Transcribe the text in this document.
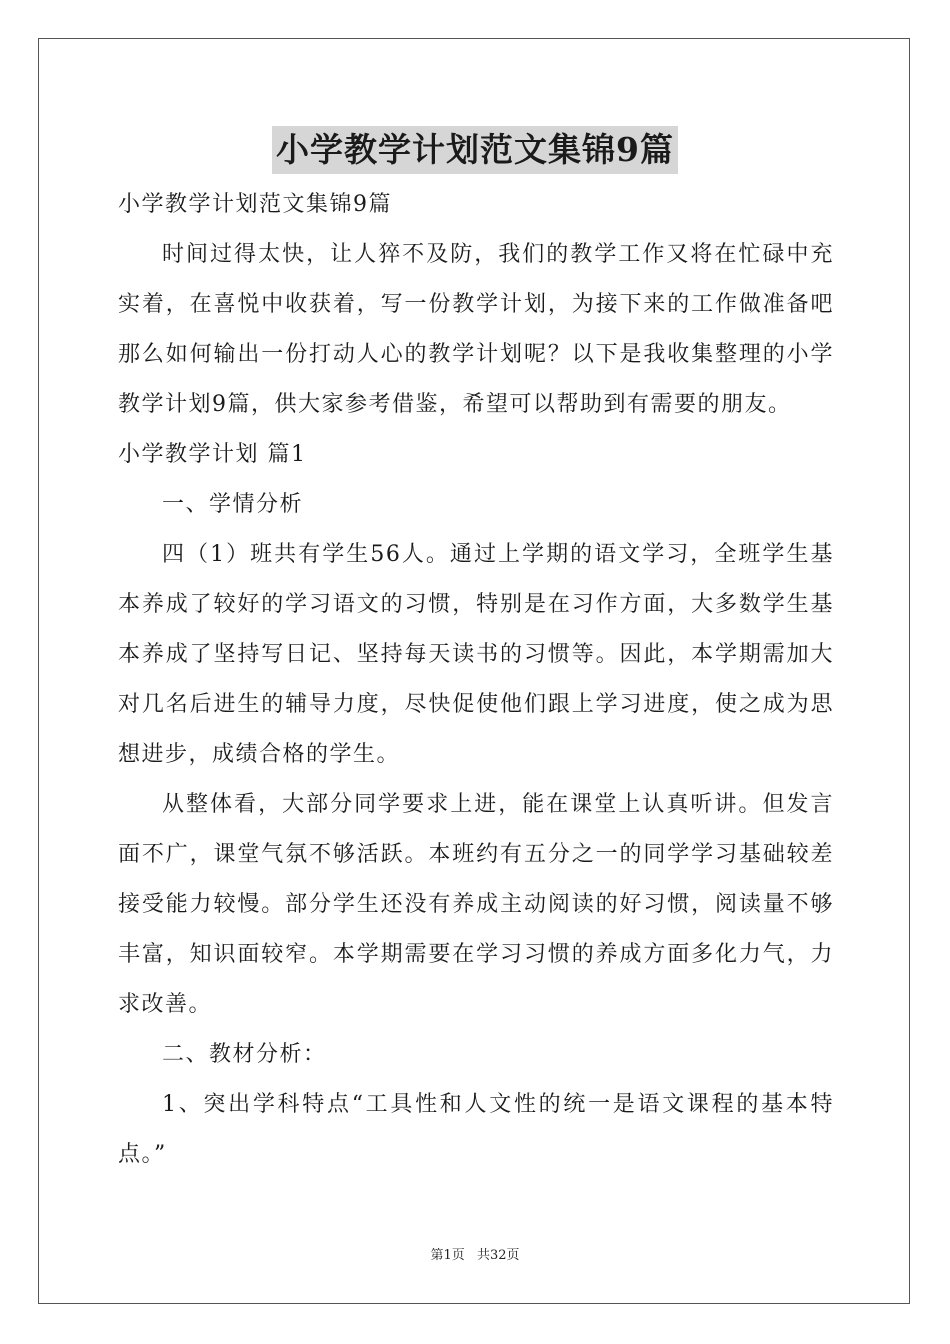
小学教学计划范文集锦9篇

小学教学计划范文集锦9篇

时间过得太快，让人猝不及防，我们的教学工作又将在忙碌中充实着，在喜悦中收获着，写一份教学计划，为接下来的工作做准备吧那么如何输出一份打动人心的教学计划呢？以下是我收集整理的小学教学计划9篇，供大家参考借鉴，希望可以帮助到有需要的朋友。

小学教学计划 篇1

一、学情分析

四（1）班共有学生56人。通过上学期的语文学习，全班学生基本养成了较好的学习语文的习惯，特别是在习作方面，大多数学生基本养成了坚持写日记、坚持每天读书的习惯等。因此，本学期需加大对几名后进生的辅导力度，尽快促使他们跟上学习进度，使之成为思想进步，成绩合格的学生。

从整体看，大部分同学要求上进，能在课堂上认真听讲。但发言面不广，课堂气氛不够活跃。本班约有五分之一的同学学习基础较差接受能力较慢。部分学生还没有养成主动阅读的好习惯，阅读量不够丰富，知识面较窄。本学期需要在学习习惯的养成方面多化力气，力求改善。

二、教材分析：

1、突出学科特点“工具性和人文性的统一是语文课程的基本特点。”

第1页 共32页
